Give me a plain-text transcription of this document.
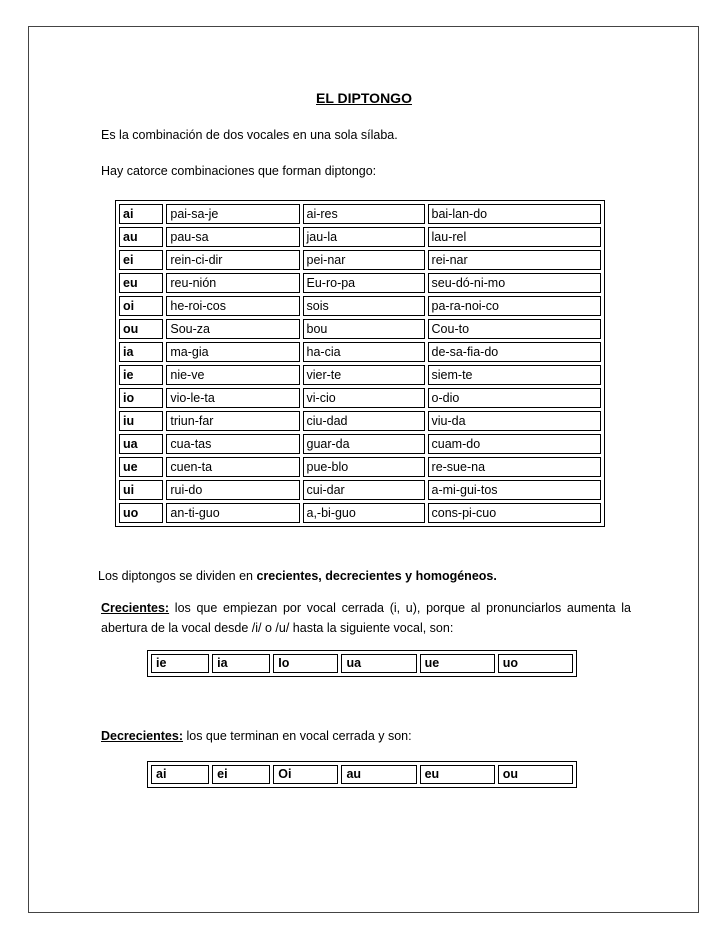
EL DIPTONGO
Es la combinación de dos vocales en una sola sílaba.
Hay catorce combinaciones que forman diptongo:
ai	pai-sa-je	ai-res	bai-lan-do
au	pau-sa	jau-la	lau-rel
ei	rein-ci-dir	pei-nar	rei-nar
eu	reu-nión	Eu-ro-pa	seu-dó-ni-mo
oi	he-roi-cos	sois	pa-ra-noi-co
ou	Sou-za	bou	Cou-to
ia	ma-gia	ha-cia	de-sa-fia-do
ie	nie-ve	vier-te	siem-te
io	vio-le-ta	vi-cio	o-dio
iu	triun-far	ciu-dad	viu-da
ua	cua-tas	guar-da	cuam-do
ue	cuen-ta	pue-blo	re-sue-na
ui	rui-do	cui-dar	a-mi-gui-tos
uo	an-ti-guo	a,-bi-guo	cons-pi-cuo
Los diptongos se dividen en crecientes, decrecientes y homogéneos.
Crecientes: los que empiezan por vocal cerrada (i, u), porque al pronunciarlos aumenta la abertura de la vocal desde /i/ o /u/ hasta la siguiente vocal, son:
ie	ia	Io	ua	ue	uo
Decrecientes: los que terminan en vocal cerrada y son:
ai	ei	Oi	au	eu	ou
